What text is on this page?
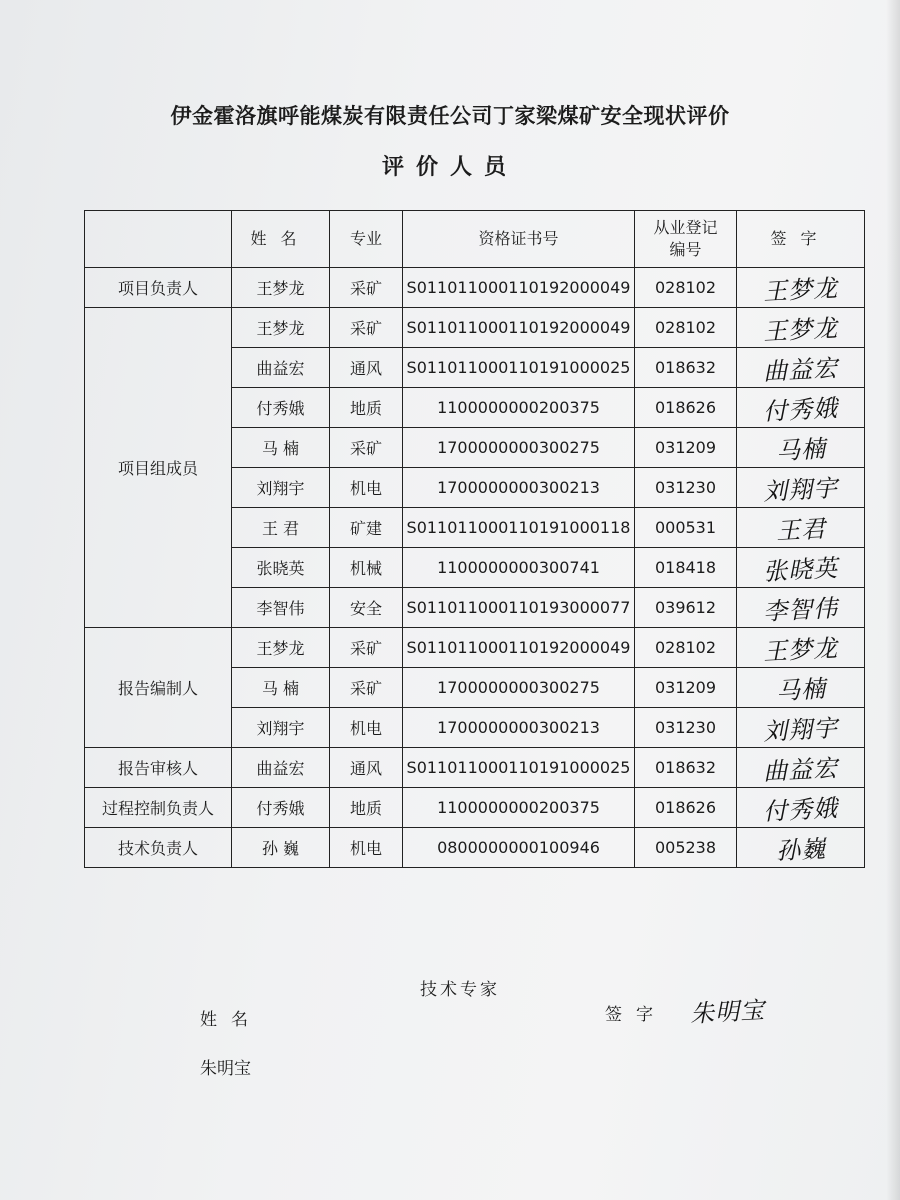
伊金霍洛旗呼能煤炭有限责任公司丁家梁煤矿安全现状评价
评价人员
	姓名	专业	资格证书号	从业登记编号	签字
项目负责人	王梦龙	采矿	S011011000110192000049	028102	王梦龙
项目组成员	王梦龙	采矿	S011011000110192000049	028102	王梦龙
	曲益宏	通风	S011011000110191000025	018632	曲益宏
	付秀娥	地质	1100000000200375	018626	付秀娥
	马 楠	采矿	1700000000300275	031209	马楠
	刘翔宇	机电	1700000000300213	031230	刘翔宇
	王 君	矿建	S011011000110191000118	000531	王君
	张晓英	机械	1100000000300741	018418	张晓英
	李智伟	安全	S011011000110193000077	039612	李智伟
报告编制人	王梦龙	采矿	S011011000110192000049	028102	王梦龙
	马 楠	采矿	1700000000300275	031209	马楠
	刘翔宇	机电	1700000000300213	031230	刘翔宇
报告审核人	曲益宏	通风	S011011000110191000025	018632	曲益宏
过程控制负责人	付秀娥	地质	1100000000200375	018626	付秀娥
技术负责人	孙 巍	机电	0800000000100946	005238	孙巍
技术专家
姓名	签字 朱明宝
朱明宝
